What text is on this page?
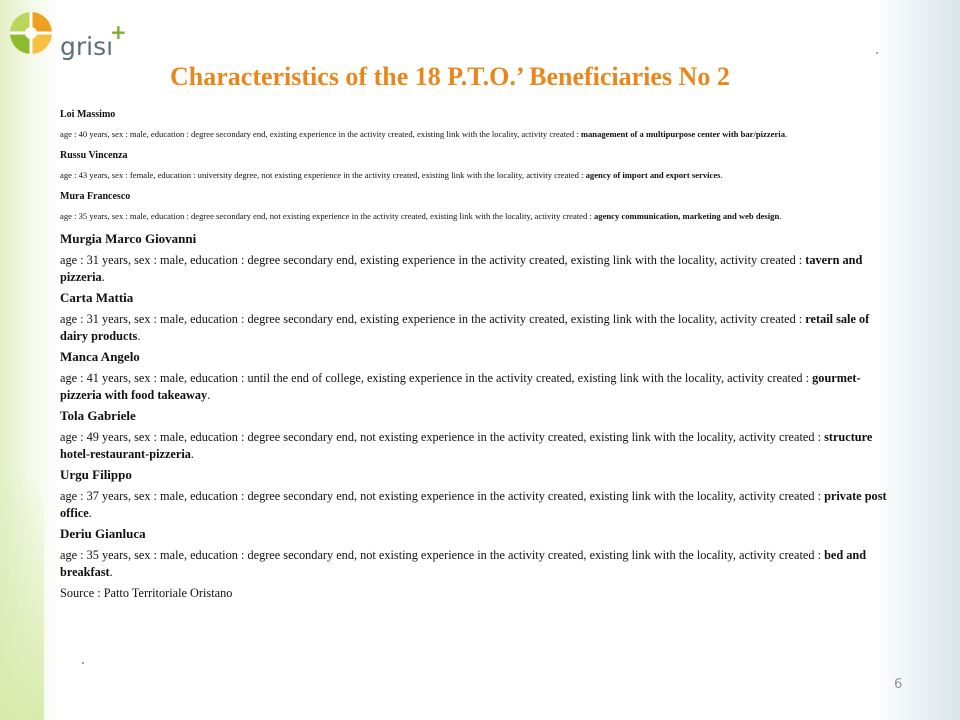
grisı
+
Characteristics of the 18 P.T.O.’ Beneficiaries No 2

Loi Massimo

age : 40 years, sex : male, education : degree secondary end, existing experience in the activity created, existing link with the locality, activity created : management of a multipurpose center with bar/pizzeria.

Russu Vincenza

age : 43 years, sex : female, education : university degree, not existing experience in the activity created, existing link with the locality, activity created : agency of import and export services.

Mura Francesco

age : 35 years, sex : male, education : degree secondary end, not existing experience in the activity created, existing link with the locality, activity created : agency communication, marketing and web design.

Murgia Marco Giovanni

age : 31 years, sex : male, education : degree secondary end, existing experience in the activity created, existing link with the locality, activity created : tavern and pizzeria.

Carta Mattia

age : 31 years, sex : male, education : degree secondary end, existing experience in the activity created, existing link with the locality, activity created : retail sale of dairy products.

Manca Angelo

age : 41 years, sex : male, education : until the end of college, existing experience in the activity created, existing link with the locality, activity created : gourmet-pizzeria with food takeaway.

Tola Gabriele

age : 49 years, sex : male, education : degree secondary end, not existing experience in the activity created, existing link with the locality, activity created : structure hotel-restaurant-pizzeria.

Urgu Filippo

age : 37 years, sex : male, education : degree secondary end, not existing experience in the activity created, existing link with the locality, activity created : private post office.

Deriu Gianluca

age : 35 years, sex : male, education : degree secondary end, not existing experience in the activity created, existing link with the locality, activity created : bed and breakfast.

Source : Patto Territoriale Oristano

6
